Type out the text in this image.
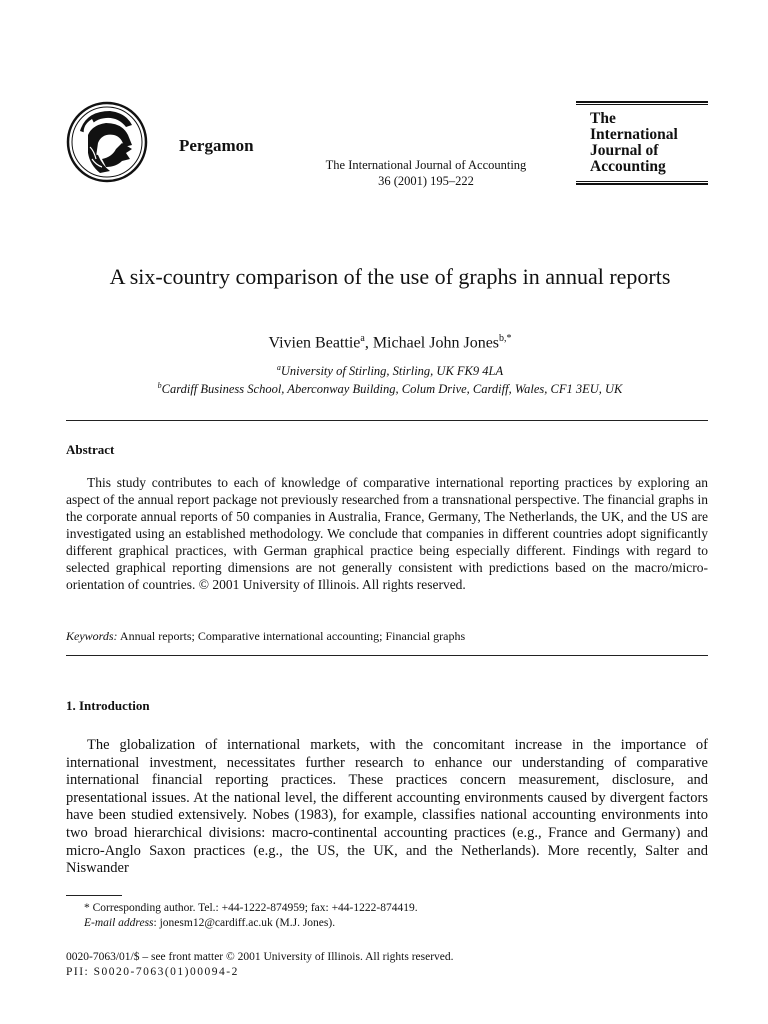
Pergamon
The International Journal of Accounting
36 (2001) 195–222
The
International
Journal of
Accounting
A six-country comparison of the use of graphs in annual reports
Vivien Beattie$^a$, Michael John Jones$^{b,*}$
$^a$University of Stirling, Stirling, UK FK9 4LA
$^b$Cardiff Business School, Aberconway Building, Colum Drive, Cardiff, Wales, CF1 3EU, UK
Abstract
This study contributes to each of knowledge of comparative international reporting practices by exploring an aspect of the annual report package not previously researched from a transnational perspective. The financial graphs in the corporate annual reports of 50 companies in Australia, France, Germany, The Netherlands, the UK, and the US are investigated using an established methodology. We conclude that companies in different countries adopt significantly different graphical practices, with German graphical practice being especially different. Findings with regard to selected graphical reporting dimensions are not generally consistent with predictions based on the macro/micro-orientation of countries. © 2001 University of Illinois. All rights reserved.
Keywords: Annual reports; Comparative international accounting; Financial graphs
1. Introduction
The globalization of international markets, with the concomitant increase in the importance of international investment, necessitates further research to enhance our understanding of comparative international financial reporting practices. These practices concern measurement, disclosure, and presentational issues. At the national level, the different accounting environments caused by divergent factors have been studied extensively. Nobes (1983), for example, classifies national accounting environments into two broad hierarchical divisions: macro-continental accounting practices (e.g., France and Germany) and micro-Anglo Saxon practices (e.g., the US, the UK, and the Netherlands). More recently, Salter and Niswander
* Corresponding author. Tel.: +44-1222-874959; fax: +44-1222-874419.
E-mail address: jonesm12@cardiff.ac.uk (M.J. Jones).
0020-7063/01/$ – see front matter © 2001 University of Illinois. All rights reserved.
PII: S0020-7063(01)00094-2
